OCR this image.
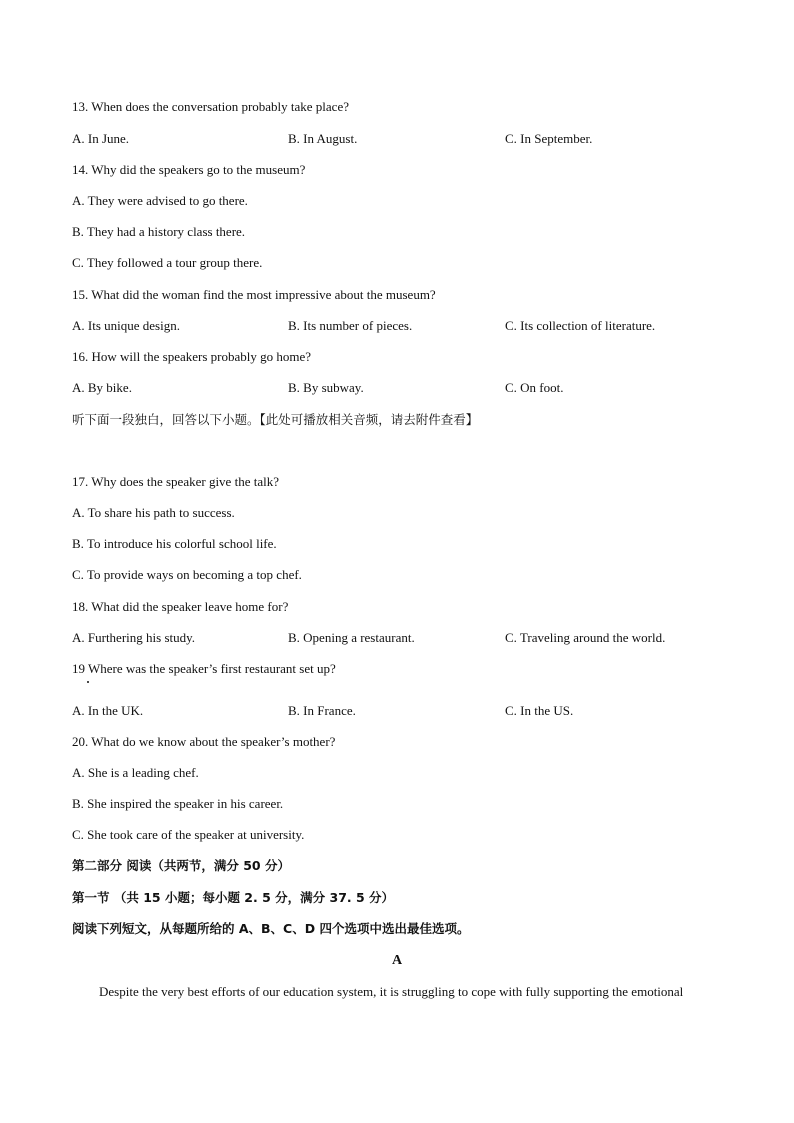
13. When does the conversation probably take place?
A. In June.	B. In August.	C. In September.
14. Why did the speakers go to the museum?
A. They were advised to go there.
B. They had a history class there.
C. They followed a tour group there.
15. What did the woman find the most impressive about the museum?
A. Its unique design.	B. Its number of pieces.	C. Its collection of literature.
16. How will the speakers probably go home?
A. By bike.	B. By subway.	C. On foot.
听下面一段独白，回答以下小题。【此处可播放相关音频，请去附件查看】
17. Why does the speaker give the talk?
A. To share his path to success.
B. To introduce his colorful school life.
C. To provide ways on becoming a top chef.
18. What did the speaker leave home for?
A. Furthering his study.	B. Opening a restaurant.	C. Traveling around the world.
19 Where was the speaker’s first restaurant set up?
A. In the UK.	B. In France.	C. In the US.
20. What do we know about the speaker’s mother?
A. She is a leading chef.
B. She inspired the speaker in his career.
C. She took care of the speaker at university.
第二部分 阅读（共两节，满分 50 分）
第一节 （共 15 小题；每小题 2. 5 分，满分 37. 5 分）
阅读下列短文，从每题所给的 A、B、C、D 四个选项中选出最佳选项。
A
Despite the very best efforts of our education system, it is struggling to cope with fully supporting the emotional
